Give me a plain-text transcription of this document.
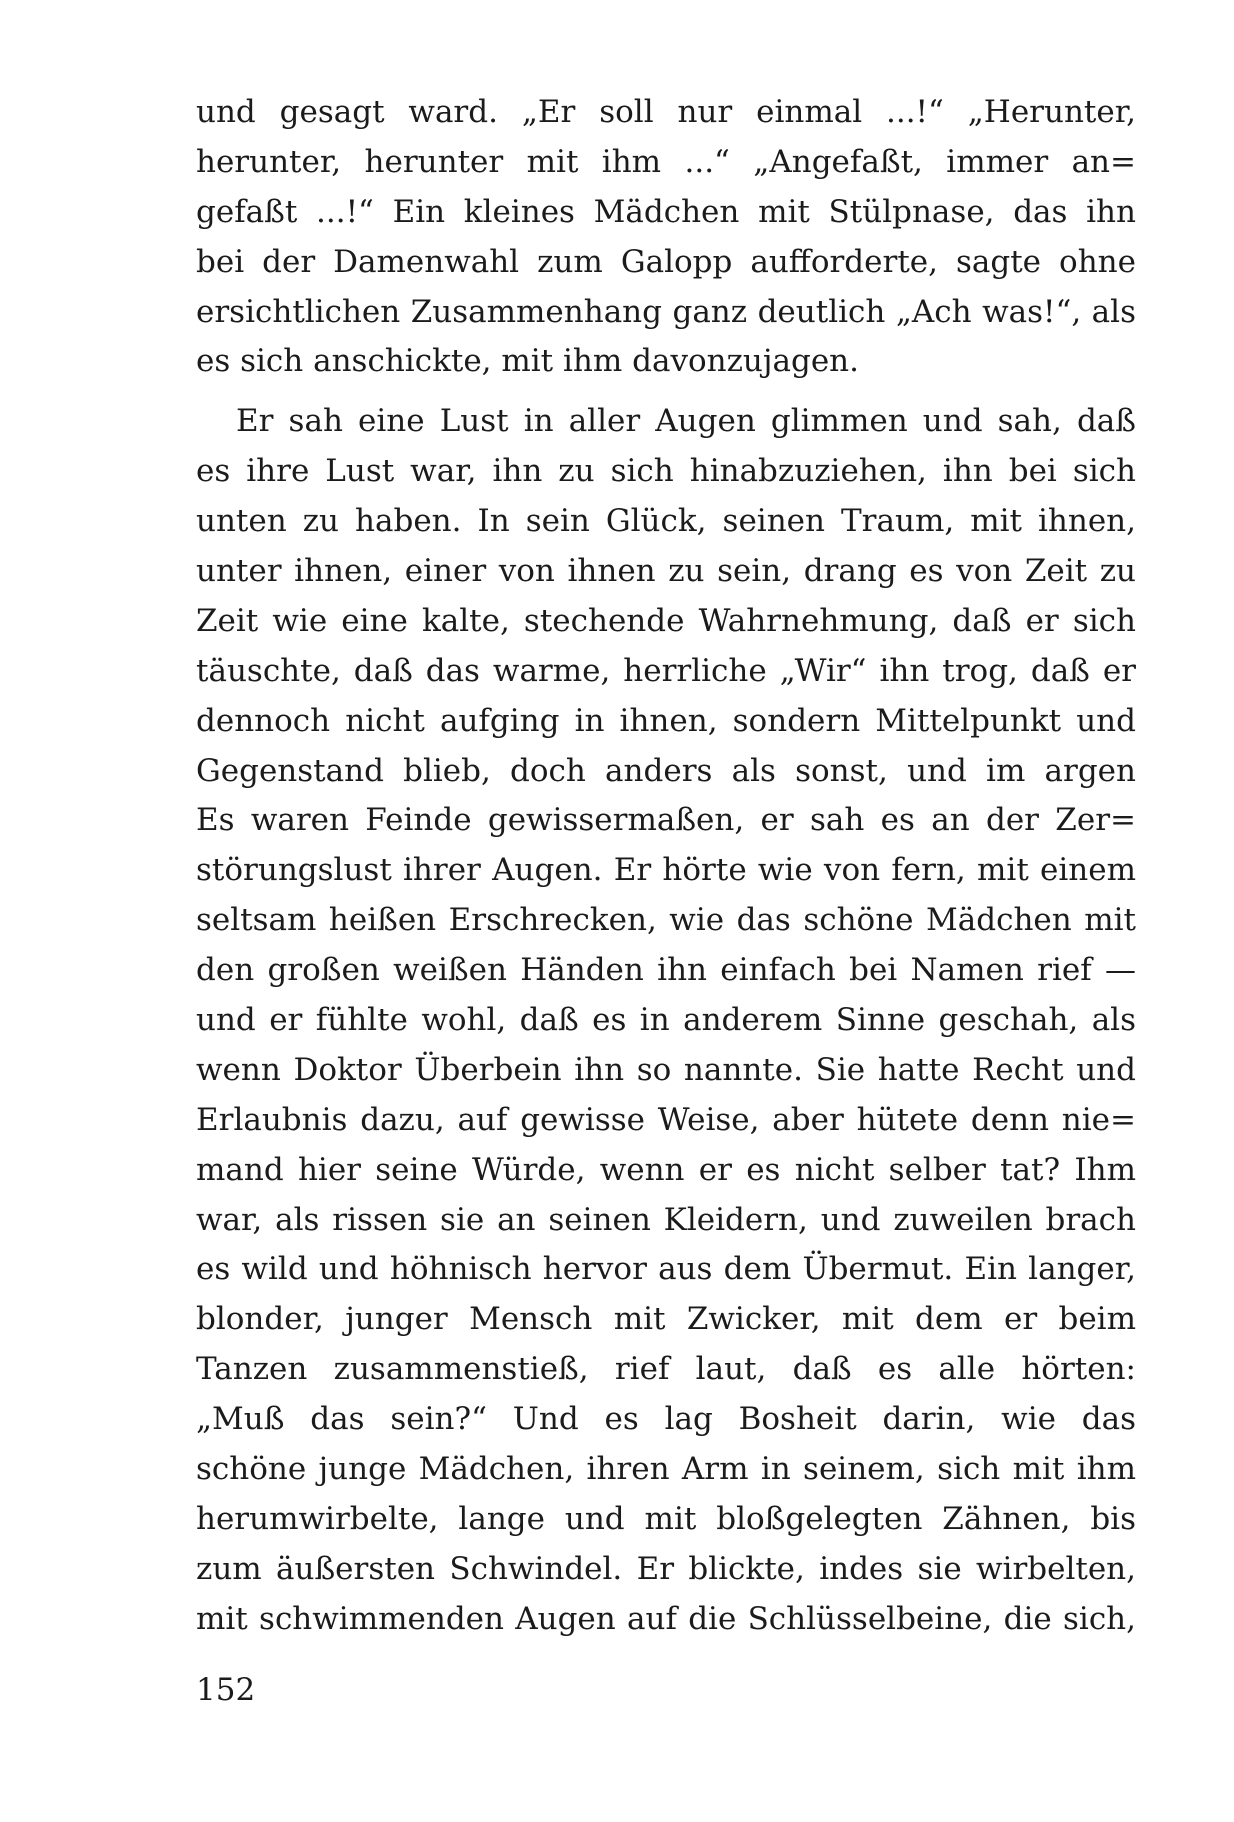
und gesagt ward. „Er soll nur einmal ...!“ „Herunter,
herunter, herunter mit ihm ...“ „Angefaßt, immer an=
gefaßt ...!“ Ein kleines Mädchen mit Stülpnase, das ihn
bei der Damenwahl zum Galopp aufforderte, sagte ohne
ersichtlichen Zusammenhang ganz deutlich „Ach was!“, als
es sich anschickte, mit ihm davonzujagen.
Er sah eine Lust in aller Augen glimmen und sah, daß
es ihre Lust war, ihn zu sich hinabzuziehen, ihn bei sich
unten zu haben. In sein Glück, seinen Traum, mit ihnen,
unter ihnen, einer von ihnen zu sein, drang es von Zeit zu
Zeit wie eine kalte, stechende Wahrnehmung, daß er sich
täuschte, daß das warme, herrliche „Wir“ ihn trog, daß er
dennoch nicht aufging in ihnen, sondern Mittelpunkt und
Gegenstand blieb, doch anders als sonst, und im argen
Es waren Feinde gewissermaßen, er sah es an der Zer=
störungslust ihrer Augen. Er hörte wie von fern, mit einem
seltsam heißen Erschrecken, wie das schöne Mädchen mit
den großen weißen Händen ihn einfach bei Namen rief —
und er fühlte wohl, daß es in anderem Sinne geschah, als
wenn Doktor Überbein ihn so nannte. Sie hatte Recht und
Erlaubnis dazu, auf gewisse Weise, aber hütete denn nie=
mand hier seine Würde, wenn er es nicht selber tat? Ihm
war, als rissen sie an seinen Kleidern, und zuweilen brach
es wild und höhnisch hervor aus dem Übermut. Ein langer,
blonder, junger Mensch mit Zwicker, mit dem er beim
Tanzen zusammenstieß, rief laut, daß es alle hörten:
„Muß das sein?“ Und es lag Bosheit darin, wie das
schöne junge Mädchen, ihren Arm in seinem, sich mit ihm
herumwirbelte, lange und mit bloßgelegten Zähnen, bis
zum äußersten Schwindel. Er blickte, indes sie wirbelten,
mit schwimmenden Augen auf die Schlüsselbeine, die sich,
152
